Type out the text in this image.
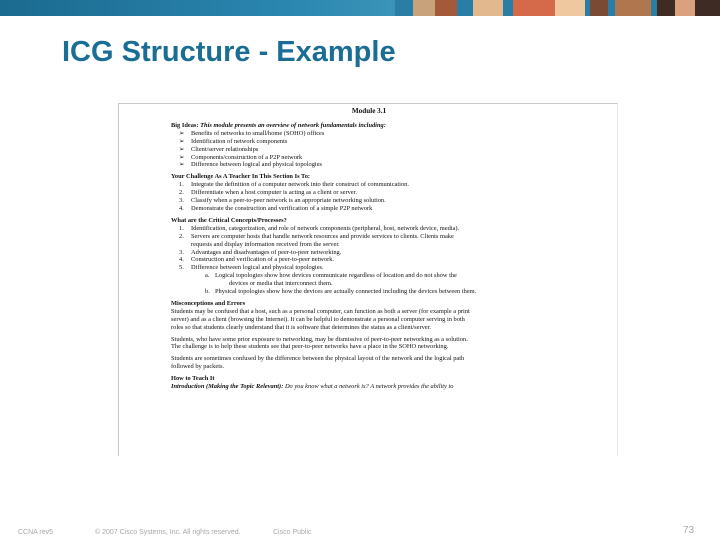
ICG Structure - Example
Module 3.1
Big Ideas: This module presents an overview of network fundamentals including:
➢ Benefits of networks to small/home (SOHO) offices
➢ Identification of network components
➢ Client/server relationships
➢ Components/construction of a P2P network
➢ Difference between logical and physical topologies
Your Challenge As A Teacher In This Section Is To:
1. Integrate the definition of a computer network into their construct of communication.
2. Differentiate when a host computer is acting as a client or server.
3. Classify when a peer-to-peer network is an appropriate networking solution.
4. Demonstrate the construction and verification of a simple P2P network
What are the Critical Concepts/Processes?
1. Identification, categorization, and role of network components (peripheral, host, network device, media).
2. Servers are computer hosts that handle network resources and provide services to clients. Clients make
requests and display information received from the server.
3. Advantages and disadvantages of peer-to-peer networking.
4. Construction and verification of a peer-to-peer network.
5. Difference between logical and physical topologies.
a. Logical topologies show how devices communicate regardless of location and do not show the
devices or media that interconnect them.
b. Physical topologies show how the devices are actually connected including the devices between them.
Misconceptions and Errors
Students may be confused that a host, such as a personal computer, can function as both a server (for example a print
server) and as a client (browsing the Internet). It can be helpful to demonstrate a personal computer serving in both
roles so that students clearly understand that it is software that determines the status as a client/server.
Students, who have some prior exposure to networking, may be dismissive of peer-to-peer networking as a solution.
The challenge is to help these students see that peer-to-peer networks have a place in the SOHO networking.
Students are sometimes confused by the difference between the physical layout of the network and the logical path
followed by packets.
How to Teach It
Introduction (Making the Topic Relevant): Do you know what a network is? A network provides the ability to
CCNA rev5	© 2007 Cisco Systems, Inc. All rights reserved.	Cisco Public	73
